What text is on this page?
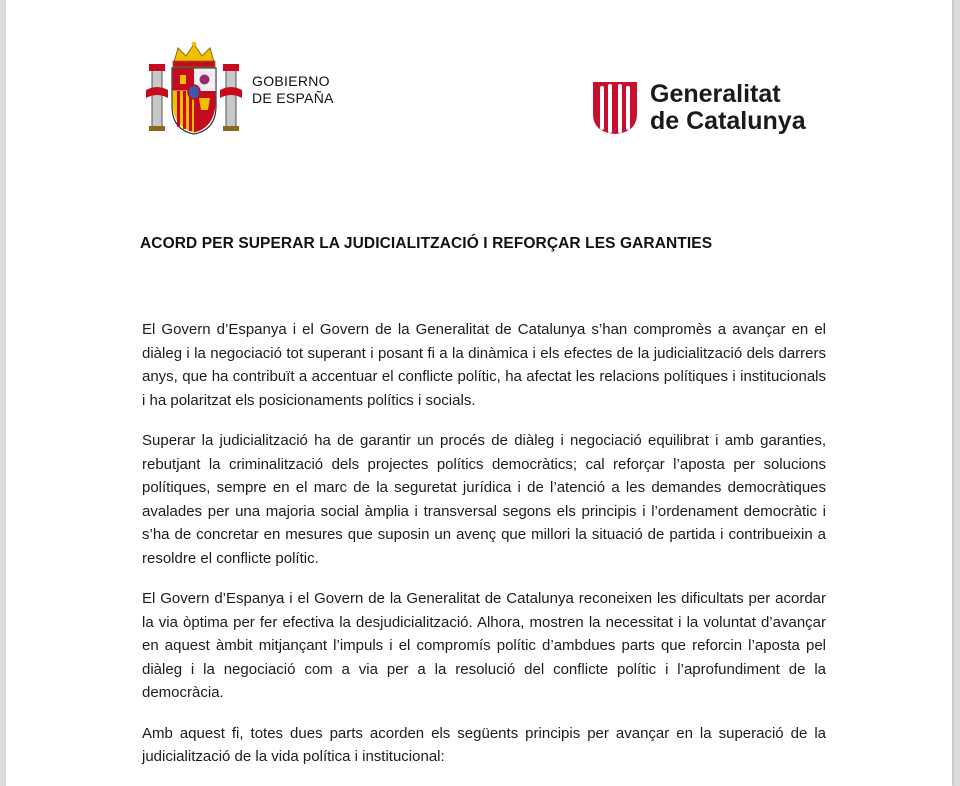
GOBIERNO
DE ESPAÑA	Generalitat
de Catalunya
ACORD PER SUPERAR LA JUDICIALITZACIÓ I REFORÇAR LES GARANTIES

El Govern d’Espanya i el Govern de la Generalitat de Catalunya s’han compromès a avançar en el diàleg i la negociació tot superant i posant fi a la dinàmica i els efectes de la judicialització dels darrers anys, que ha contribuït a accentuar el conflicte polític, ha afectat les relacions polítiques i institucionals i ha polaritzat els posicionaments polítics i socials.

Superar la judicialització ha de garantir un procés de diàleg i negociació equilibrat i amb garanties, rebutjant la criminalització dels projectes polítics democràtics; cal reforçar l’aposta per solucions polítiques, sempre en el marc de la seguretat jurídica i de l’atenció a les demandes democràtiques avalades per una majoria social àmplia i transversal segons els principis i l’ordenament democràtic i s’ha de concretar en mesures que suposin un avenç que millori la situació de partida i contribueixin a resoldre el conflicte polític.

El Govern d’Espanya i el Govern de la Generalitat de Catalunya reconeixen les dificultats per acordar la via òptima per fer efectiva la desjudicialització. Alhora, mostren la necessitat i la voluntat d’avançar en aquest àmbit mitjançant l’impuls i el compromís polític d’ambdues parts que reforcin l’aposta pel diàleg i la negociació com a via per a la resolució del conflicte polític i l’aprofundiment de la democràcia.

Amb aquest fi, totes dues parts acorden els següents principis per avançar en la superació de la judicialització de la vida política i institucional:
